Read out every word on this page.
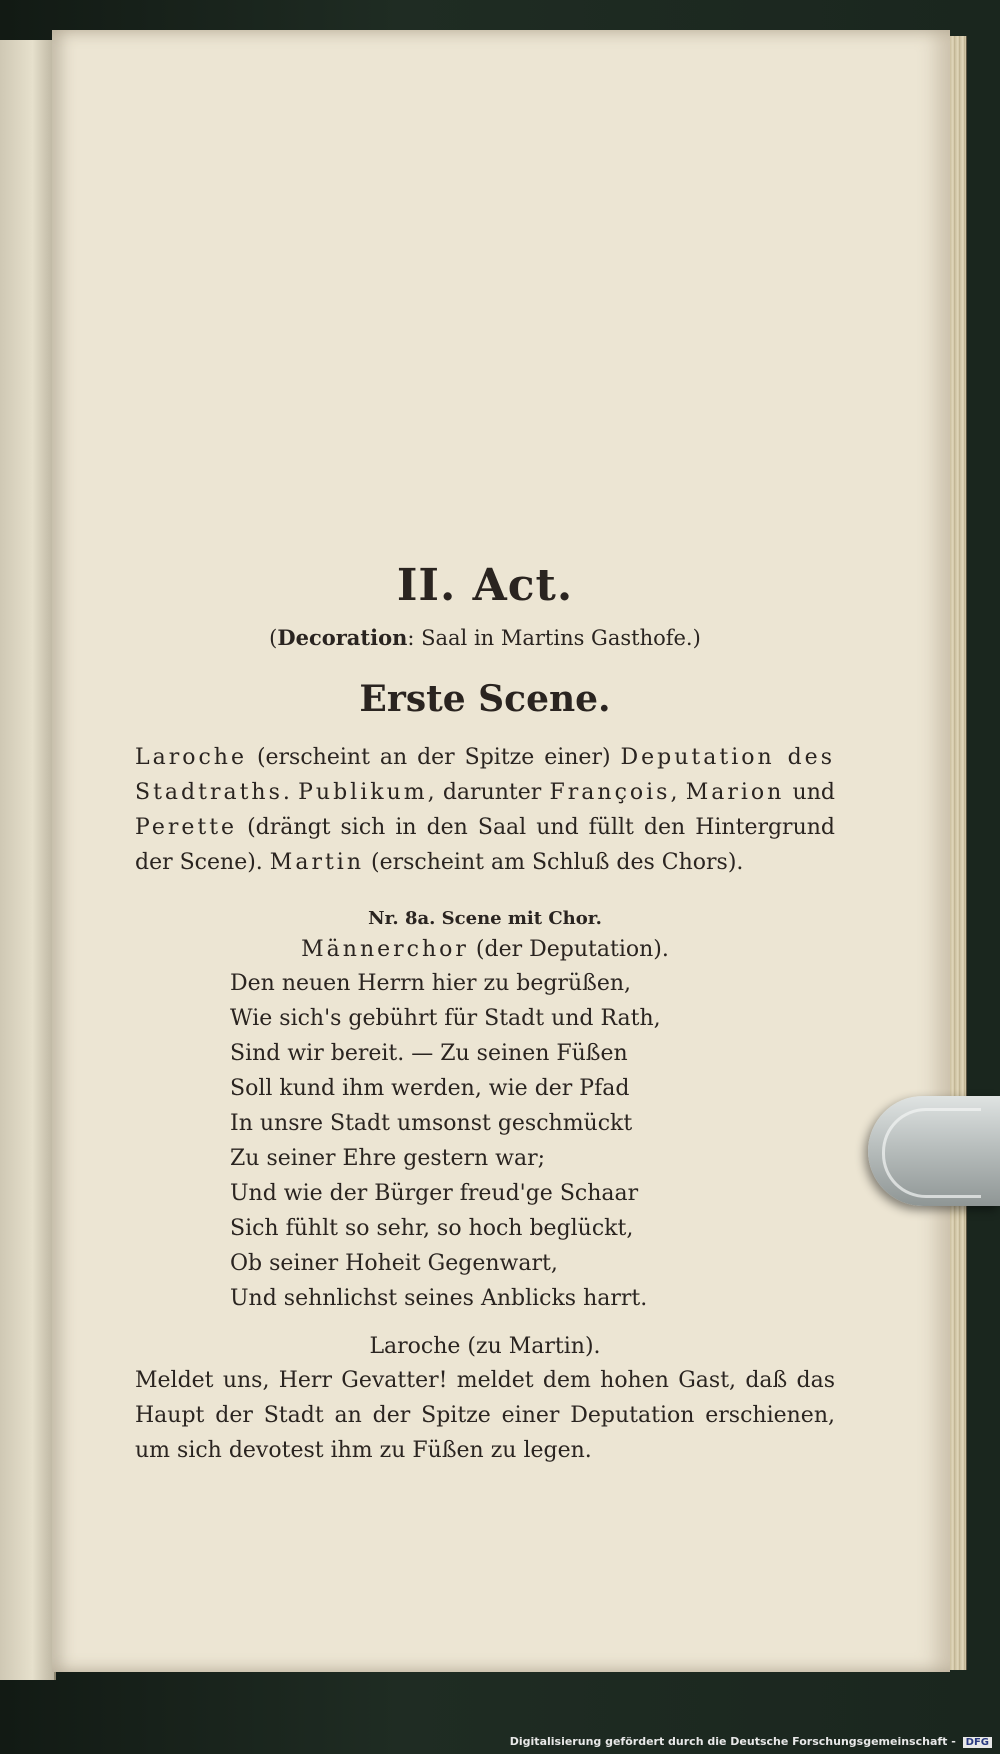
II. Act.
(Decoration: Saal in Martins Gasthofe.)
Erste Scene.

Laroche (erscheint an der Spitze einer) Deputation des Stadtraths. Publikum, darunter François, Marion und Perette (drängt sich in den Saal und füllt den Hintergrund der Scene). Martin (erscheint am Schluß des Chors).

Nr. 8a. Scene mit Chor.
Männerchor (der Deputation).
Den neuen Herrn hier zu begrüßen,
Wie sich's gebührt für Stadt und Rath,
Sind wir bereit. — Zu seinen Füßen
Soll kund ihm werden, wie der Pfad
In unsre Stadt umsonst geschmückt
Zu seiner Ehre gestern war;
Und wie der Bürger freud'ge Schaar
Sich fühlt so sehr, so hoch beglückt,
Ob seiner Hoheit Gegenwart,
Und sehnlichst seines Anblicks harrt.
Laroche (zu Martin).

Meldet uns, Herr Gevatter! meldet dem hohen Gast, daß das Haupt der Stadt an der Spitze einer Deputation erschienen, um sich devotest ihm zu Füßen zu legen.

Digitalisierung gefördert durch die Deutsche Forschungsgemeinschaft - DFG
